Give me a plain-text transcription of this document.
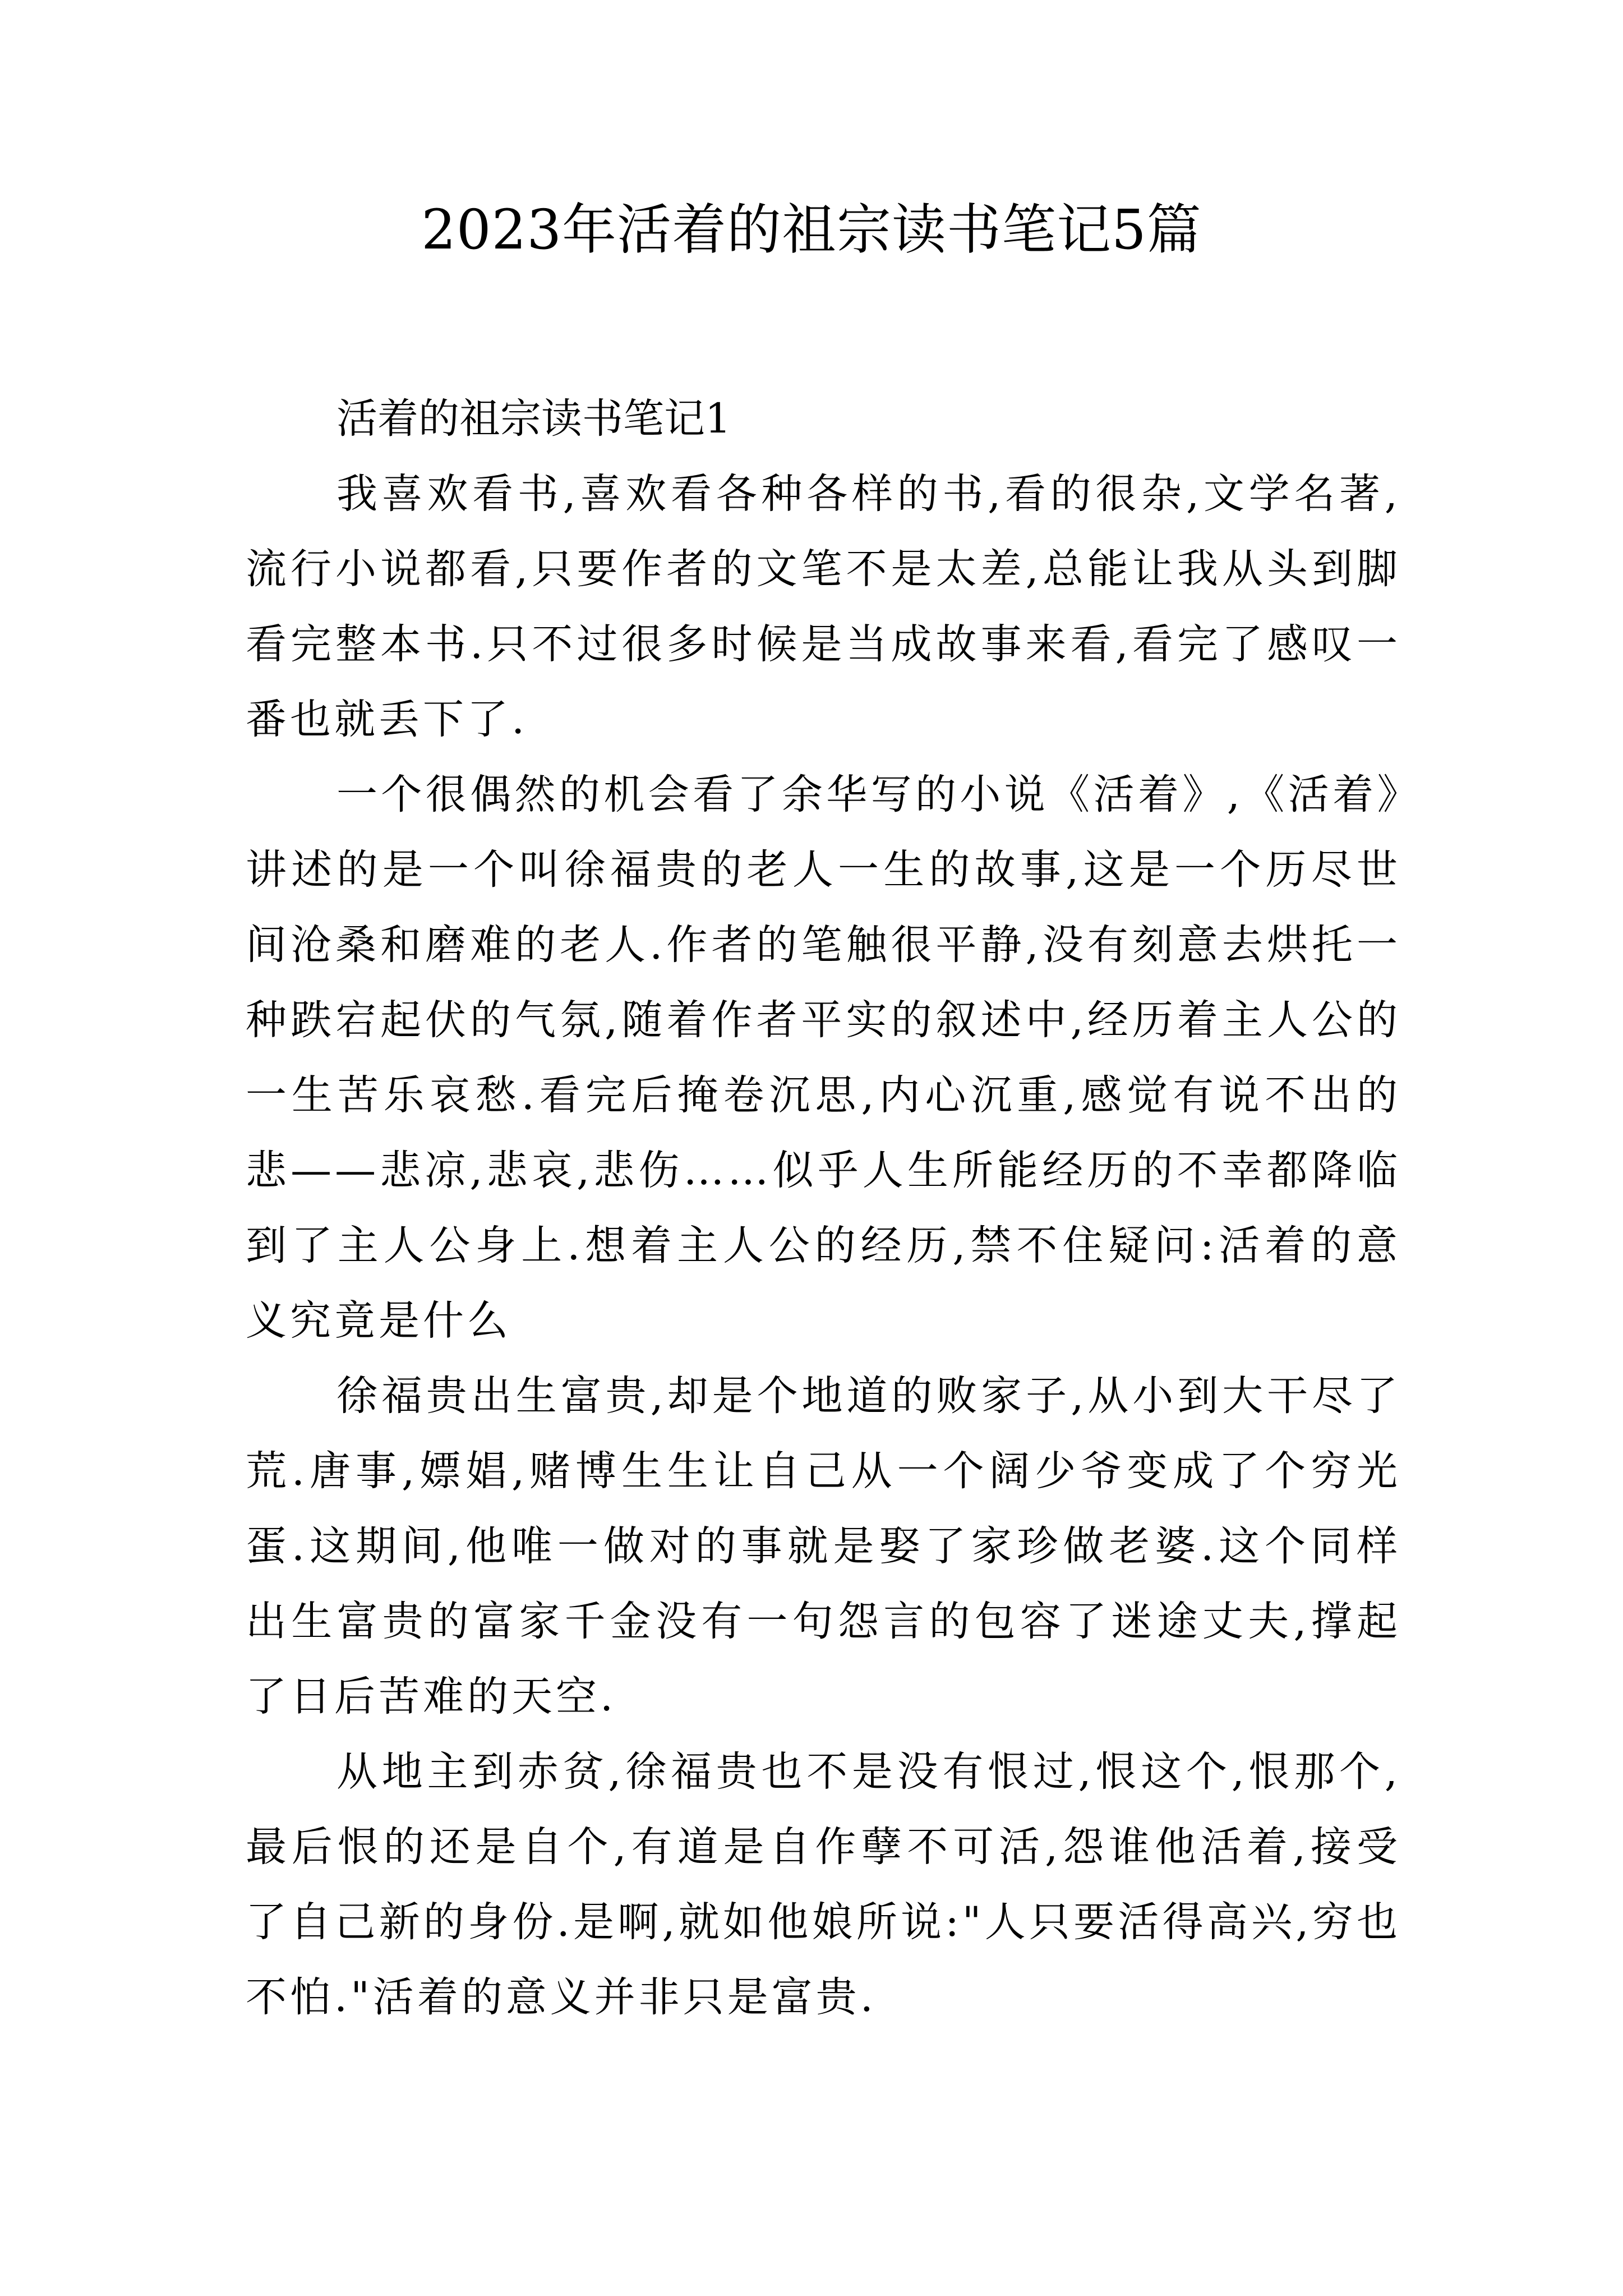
2023年活着的祖宗读书笔记5篇

活着的祖宗读书笔记1

我喜欢看书,喜欢看各种各样的书,看的很杂,文学名著,流行小说都看,只要作者的文笔不是太差,总能让我从头到脚看完整本书.只不过很多时候是当成故事来看,看完了感叹一番也就丢下了.

一个很偶然的机会看了余华写的小说《活着》,《活着》讲述的是一个叫徐福贵的老人一生的故事,这是一个历尽世间沧桑和磨难的老人.作者的笔触很平静,没有刻意去烘托一种跌宕起伏的气氛,随着作者平实的叙述中,经历着主人公的一生苦乐哀愁.看完后掩卷沉思,内心沉重,感觉有说不出的悲——悲凉,悲哀,悲伤……似乎人生所能经历的不幸都降临到了主人公身上.想着主人公的经历,禁不住疑问:活着的意义究竟是什么

徐福贵出生富贵,却是个地道的败家子,从小到大干尽了荒.唐事,嫖娼,赌博生生让自己从一个阔少爷变成了个穷光蛋.这期间,他唯一做对的事就是娶了家珍做老婆.这个同样出生富贵的富家千金没有一句怨言的包容了迷途丈夫,撑起了日后苦难的天空.

从地主到赤贫,徐福贵也不是没有恨过,恨这个,恨那个,最后恨的还是自个,有道是自作孽不可活,怨谁他活着,接受了自己新的身份.是啊,就如他娘所说:"人只要活得高兴,穷也不怕."活着的意义并非只是富贵.
